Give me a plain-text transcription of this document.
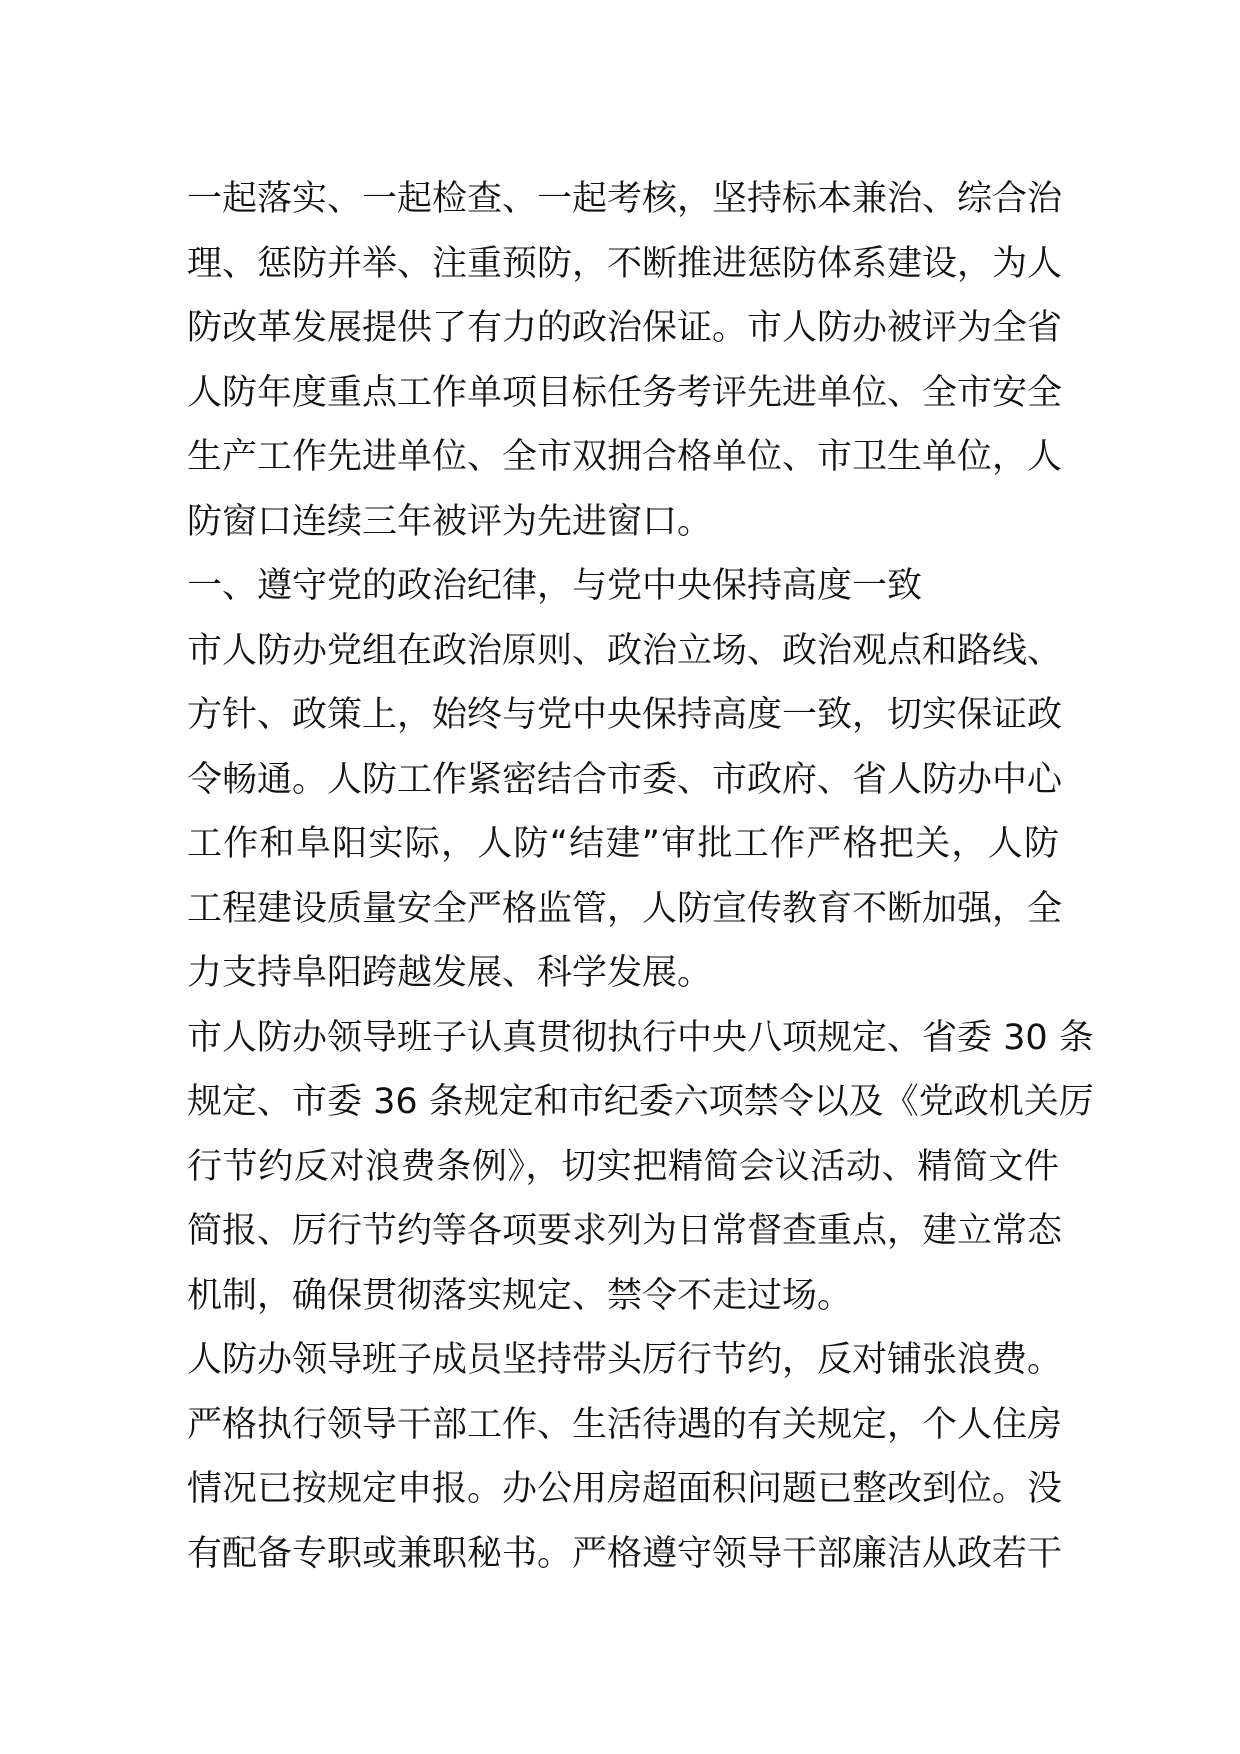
一起落实、一起检查、一起考核，坚持标本兼治、综合治
理、惩防并举、注重预防，不断推进惩防体系建设，为人
防改革发展提供了有力的政治保证。市人防办被评为全省
人防年度重点工作单项目标任务考评先进单位、全市安全
生产工作先进单位、全市双拥合格单位、市卫生单位，人
防窗口连续三年被评为先进窗口。
一、遵守党的政治纪律，与党中央保持高度一致
市人防办党组在政治原则、政治立场、政治观点和路线、
方针、政策上，始终与党中央保持高度一致，切实保证政
令畅通。人防工作紧密结合市委、市政府、省人防办中心
工作和阜阳实际，人防“结建”审批工作严格把关，人防
工程建设质量安全严格监管，人防宣传教育不断加强，全
力支持阜阳跨越发展、科学发展。
市人防办领导班子认真贯彻执行中央八项规定、省委 30 条
规定、市委 36 条规定和市纪委六项禁令以及《党政机关厉
行节约反对浪费条例》，切实把精简会议活动、精简文件
简报、厉行节约等各项要求列为日常督查重点，建立常态
机制，确保贯彻落实规定、禁令不走过场。
人防办领导班子成员坚持带头厉行节约，反对铺张浪费。
严格执行领导干部工作、生活待遇的有关规定，个人住房
情况已按规定申报。办公用房超面积问题已整改到位。没
有配备专职或兼职秘书。严格遵守领导干部廉洁从政若干
